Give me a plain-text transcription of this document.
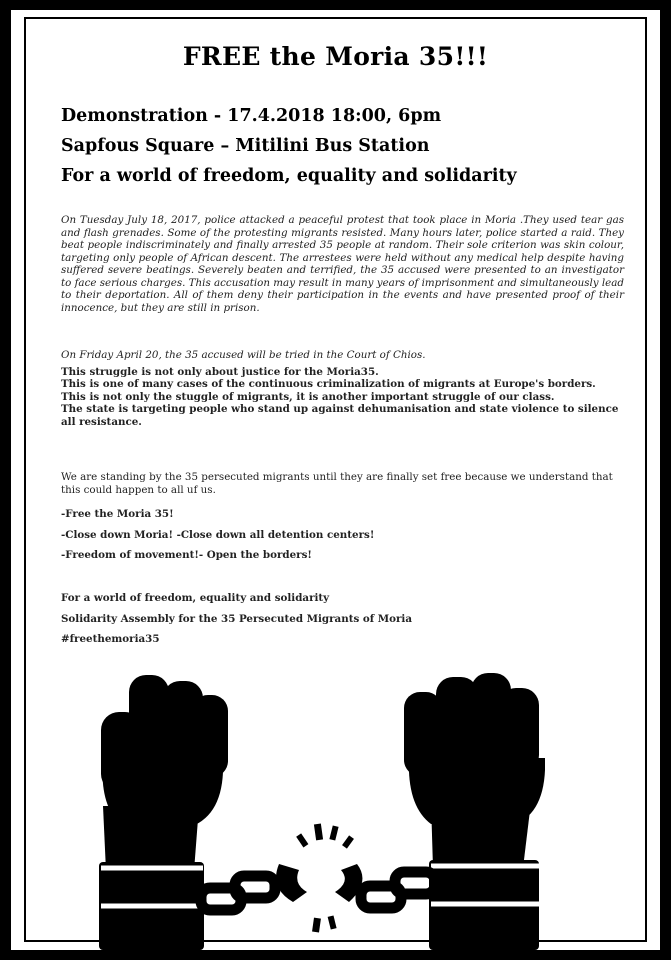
FREE the Moria 35!!!
Demonstration - 17.4.2018 18:00, 6pm
Sapfous Square – Mitilini Bus Station
For a world of freedom, equality and solidarity

On Tuesday July 18, 2017, police attacked a peaceful protest that took place in Moria .They used tear gas and flash grenades. Some of the protesting migrants resisted. Many hours later, police started a raid. They beat people indiscriminately and finally arrested 35 people at random. Their sole criterion was skin colour, targeting only people of African descent. The arrestees were held without any medical help despite having suffered severe beatings. Severely beaten and terrified, the 35 accused were presented to an investigator to face serious charges. This accusation may result in many years of imprisonment and simultaneously lead to their deportation. All of them deny their participation in the events and have presented proof of their innocence, but they are still in prison.

On Friday April 20, the 35 accused will be tried in the Court of Chios.

This struggle is not only about justice for the Moria35.
This is one of many cases of the continuous criminalization of migrants at Europe's borders.
This is not only the stuggle of migrants, it is another important struggle of our class.
The state is targeting people who stand up against dehumanisation and state violence to silence all resistance.

We are standing by the 35 persecuted migrants until they are finally set free because we understand that this could happen to all uf us.

-Free the Moria 35!
-Close down Moria! -Close down all detention centers!
-Freedom of movement!- Open the borders!
For a world of freedom, equality and solidarity
Solidarity Assembly for the 35 Persecuted Migrants of Moria
#freethemoria35
